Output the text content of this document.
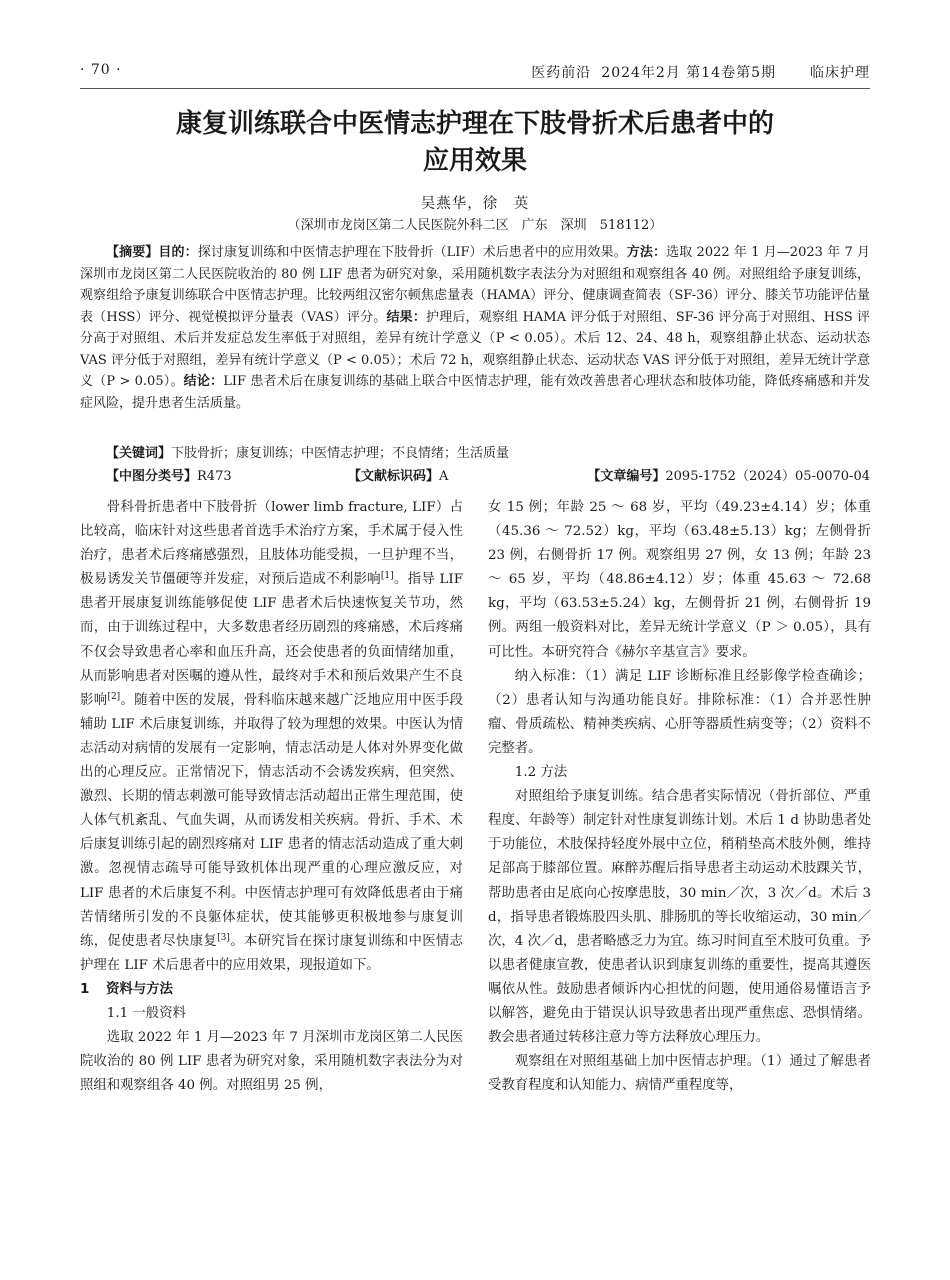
· 70 ·	医药前沿 2024年2月 第14卷第5期 临床护理
康复训练联合中医情志护理在下肢骨折术后患者中的
应用效果
吴燕华，徐　英
（深圳市龙岗区第二人民医院外科二区　广东　深圳　518112）
【摘要】目的：探讨康复训练和中医情志护理在下肢骨折（LIF）术后患者中的应用效果。方法：选取 2022 年 1 月—2023 年 7 月深圳市龙岗区第二人民医院收治的 80 例 LIF 患者为研究对象，采用随机数字表法分为对照组和观察组各 40 例。对照组给予康复训练，观察组给予康复训练联合中医情志护理。比较两组汉密尔顿焦虑量表（HAMA）评分、健康调查简表（SF-36）评分、膝关节功能评估量表（HSS）评分、视觉模拟评分量表（VAS）评分。结果：护理后，观察组 HAMA 评分低于对照组、SF-36 评分高于对照组、HSS 评分高于对照组、术后并发症总发生率低于对照组，差异有统计学意义（P < 0.05）。术后 12、24、48 h，观察组静止状态、运动状态 VAS 评分低于对照组，差异有统计学意义（P < 0.05）；术后 72 h，观察组静止状态、运动状态 VAS 评分低于对照组，差异无统计学意义（P > 0.05）。结论：LIF 患者术后在康复训练的基础上联合中医情志护理，能有效改善患者心理状态和肢体功能，降低疼痛感和并发症风险，提升患者生活质量。
【关键词】下肢骨折；康复训练；中医情志护理；不良情绪；生活质量
【中图分类号】R473	【文献标识码】A	【文章编号】2095-1752（2024）05-0070-04

骨科骨折患者中下肢骨折（lower limb fracture, LIF）占比较高，临床针对这些患者首选手术治疗方案，手术属于侵入性治疗，患者术后疼痛感强烈，且肢体功能受损，一旦护理不当，极易诱发关节僵硬等并发症，对预后造成不利影响[1]。指导 LIF 患者开展康复训练能够促使 LIF 患者术后快速恢复关节功，然而，由于训练过程中，大多数患者经历剧烈的疼痛感，术后疼痛不仅会导致患者心率和血压升高，还会使患者的负面情绪加重，从而影响患者对医嘱的遵从性，最终对手术和预后效果产生不良影响[2]。随着中医的发展，骨科临床越来越广泛地应用中医手段辅助 LIF 术后康复训练，并取得了较为理想的效果。中医认为情志活动对病情的发展有一定影响，情志活动是人体对外界变化做出的心理反应。正常情况下，情志活动不会诱发疾病，但突然、激烈、长期的情志刺激可能导致情志活动超出正常生理范围，使人体气机紊乱、气血失调，从而诱发相关疾病。骨折、手术、术后康复训练引起的剧烈疼痛对 LIF 患者的情志活动造成了重大刺激。忽视情志疏导可能导致机体出现严重的心理应激反应，对 LIF 患者的术后康复不利。中医情志护理可有效降低患者由于痛苦情绪所引发的不良躯体症状，使其能够更积极地参与康复训练，促使患者尽快康复[3]。本研究旨在探讨康复训练和中医情志护理在 LIF 术后患者中的应用效果，现报道如下。

1 资料与方法
1.1 一般资料

选取 2022 年 1 月—2023 年 7 月深圳市龙岗区第二人民医院收治的 80 例 LIF 患者为研究对象，采用随机数字表法分为对照组和观察组各 40 例。对照组男 25 例，

女 15 例；年龄 25 ～ 68 岁，平均（49.23±4.14）岁；体重（45.36 ～ 72.52）kg，平均（63.48±5.13）kg；左侧骨折 23 例，右侧骨折 17 例。观察组男 27 例，女 13 例；年龄 23 ～ 65 岁，平均（48.86±4.12）岁；体重 45.63 ～ 72.68 kg，平均（63.53±5.24）kg，左侧骨折 21 例，右侧骨折 19 例。两组一般资料对比，差异无统计学意义（P ＞ 0.05），具有可比性。本研究符合《赫尔辛基宣言》要求。

纳入标准：（1）满足 LIF 诊断标准且经影像学检查确诊；（2）患者认知与沟通功能良好。排除标准：（1）合并恶性肿瘤、骨质疏松、精神类疾病、心肝等器质性病变等；（2）资料不完整者。

1.2 方法

对照组给予康复训练。结合患者实际情况（骨折部位、严重程度、年龄等）制定针对性康复训练计划。术后 1 d 协助患者处于功能位，术肢保持轻度外展中立位，稍稍垫高术肢外侧，维持足部高于膝部位置。麻醉苏醒后指导患者主动运动术肢踝关节，帮助患者由足底向心按摩患肢，30 min／次，3 次／d。术后 3 d，指导患者锻炼股四头肌、腓肠肌的等长收缩运动，30 min／次，4 次／d，患者略感乏力为宜。练习时间直至术肢可负重。予以患者健康宣教，使患者认识到康复训练的重要性，提高其遵医嘱依从性。鼓励患者倾诉内心担忧的问题，使用通俗易懂语言予以解答，避免由于错误认识导致患者出现严重焦虑、恐惧情绪。教会患者通过转移注意力等方法释放心理压力。

观察组在对照组基础上加中医情志护理。（1）通过了解患者受教育程度和认知能力、病情严重程度等，
